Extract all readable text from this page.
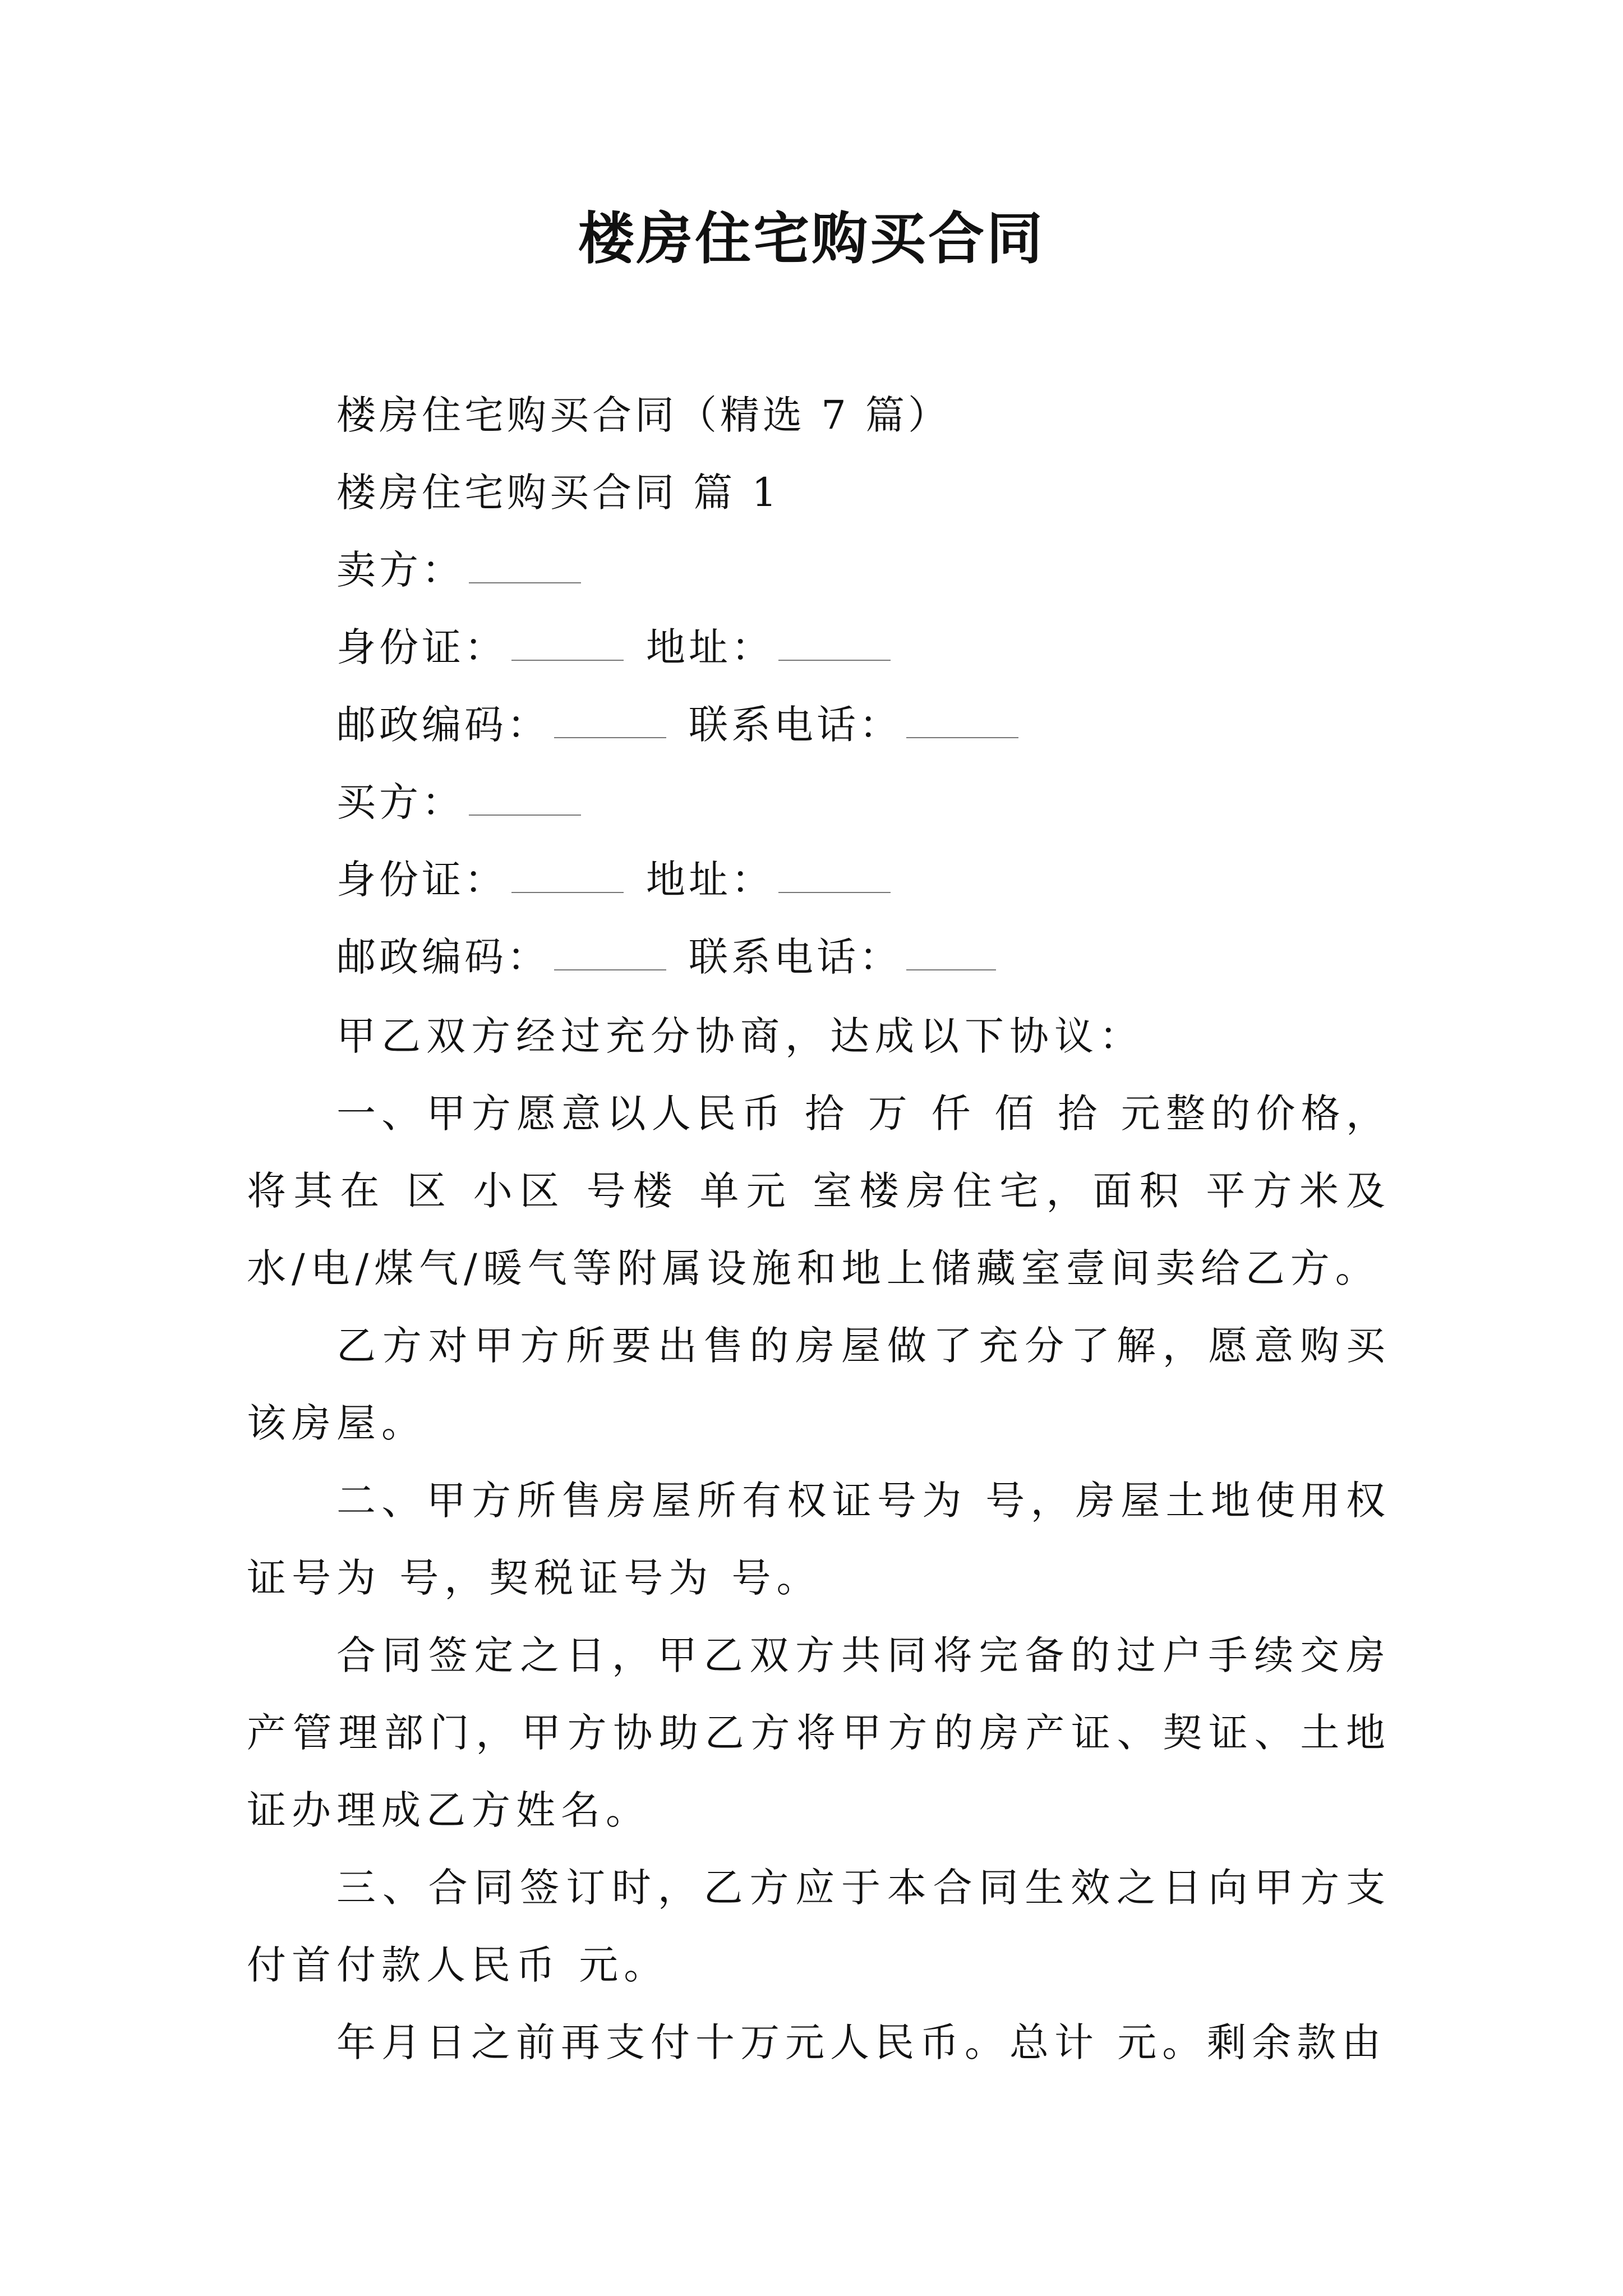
楼房住宅购买合同

楼房住宅购买合同（精选 7 篇）

楼房住宅购买合同 篇 1

卖方：

身份证：	地址：

邮政编码：	联系电话：

买方：

身份证：	地址：

邮政编码：	联系电话：

甲乙双方经过充分协商，达成以下协议：

一、甲方愿意以人民币 拾 万 仟 佰 拾 元整的价格，将其在 区 小区 号楼 单元 室楼房住宅，面积 平方米及水/电/煤气/暖气等附属设施和地上储藏室壹间卖给乙方。

乙方对甲方所要出售的房屋做了充分了解，愿意购买该房屋。

二、甲方所售房屋所有权证号为 号，房屋土地使用权证号为 号，契税证号为 号。

合同签定之日，甲乙双方共同将完备的过户手续交房产管理部门，甲方协助乙方将甲方的房产证、契证、土地证办理成乙方姓名。

三、合同签订时，乙方应于本合同生效之日向甲方支付首付款人民币 元。

年月日之前再支付十万元人民币。总计 元。剩余款由
